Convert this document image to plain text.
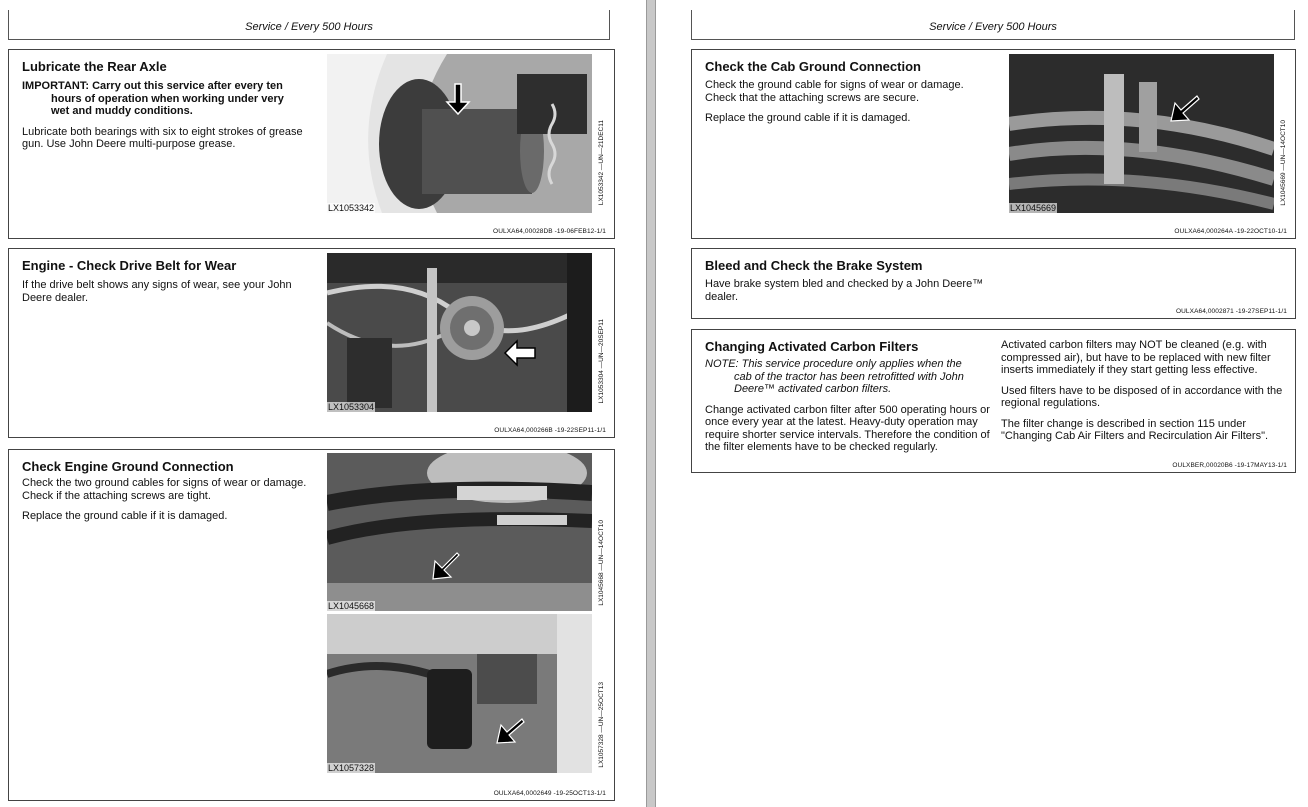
Service / Every 500 Hours
Lubricate the Rear Axle

IMPORTANT: Carry out this service after every ten
hours of operation when working under very
wet and muddy conditions.

Lubricate both bearings with six to eight strokes of grease gun. Use John Deere multi-purpose grease.

LX1053342
LX1053342 —UN—21DEC11
OULXA64,00028DB -19-06FEB12-1/1
Engine - Check Drive Belt for Wear

If the drive belt shows any signs of wear, see your John Deere dealer.

LX1053304
LX1053304 —UN—20SEP11
OULXA64,000266B -19-22SEP11-1/1
Check Engine Ground Connection

Check the two ground cables for signs of wear or damage. Check if the attaching screws are tight.

Replace the ground cable if it is damaged.

LX1045668
LX1045668 —UN—14OCT10
LX1057328
LX1057328 —UN—25OCT13
OULXA64,0002649 -19-25OCT13-1/1
Service / Every 500 Hours
Check the Cab Ground Connection

Check the ground cable for signs of wear or damage. Check that the attaching screws are secure.

Replace the ground cable if it is damaged.

LX1045669
LX1045669 —UN—14OCT10
OULXA64,000264A -19-22OCT10-1/1
Bleed and Check the Brake System

Have brake system bled and checked by a John Deere™ dealer.

OULXA64,0002871 -19-27SEP11-1/1
Changing Activated Carbon Filters

NOTE: This service procedure only applies when the
cab of the tractor has been retrofitted with John Deere™ activated carbon filters.

Change activated carbon filter after 500 operating hours or once every year at the latest. Heavy-duty operation may require shorter service intervals. Therefore the condition of the filter elements have to be checked regularly.

Activated carbon filters may NOT be cleaned (e.g. with compressed air), but have to be replaced with new filter inserts immediately if they start getting less effective.

Used filters have to be disposed of in accordance with the regional regulations.

The filter change is described in section 115 under "Changing Cab Air Filters and Recirculation Air Filters".

OULXBER,00020B6 -19-17MAY13-1/1
